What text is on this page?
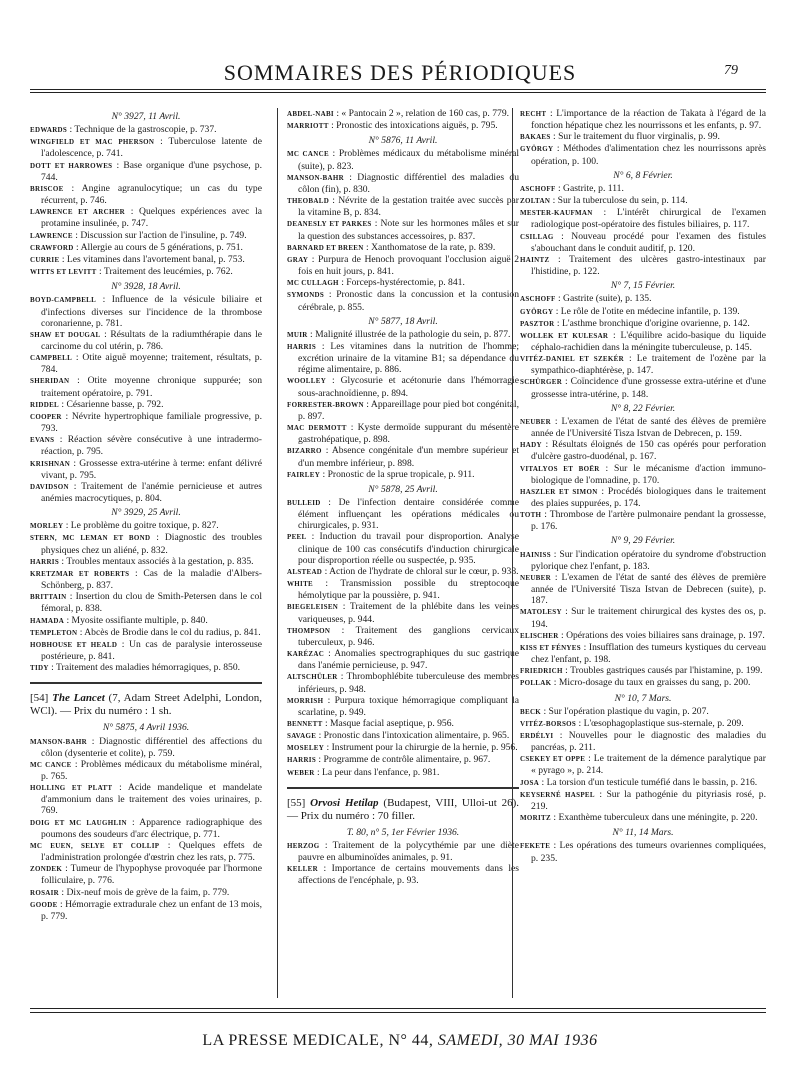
SOMMAIRES DES PÉRIODIQUES	79
N° 3927, 11 Avril.

EDWARDS : Technique de la gastroscopie, p. 737.

WINGFIELD ET MAC PHERSON : Tuberculose latente de l'adolescence, p. 741.

DOTT ET HARROWES : Base organique d'une psychose, p. 744.

BRISCOE : Angine agranulocytique; un cas du type récurrent, p. 746.

LAWRENCE ET ARCHER : Quelques expériences avec la protamine insulinée, p. 747.

LAWRENCE : Discussion sur l'action de l'insuline, p. 749.

CRAWFORD : Allergie au cours de 5 générations, p. 751.

CURRIE : Les vitamines dans l'avortement banal, p. 753.

WITTS ET LEVITT : Traitement des leucémies, p. 762.

N° 3928, 18 Avril.

BOYD-CAMPBELL : Influence de la vésicule biliaire et d'infections diverses sur l'incidence de la thrombose coronarienne, p. 781.

SHAW ET DOUGAL : Résultats de la radiumthérapie dans le carcinome du col utérin, p. 786.

CAMPBELL : Otite aiguë moyenne; traitement, résultats, p. 784.

SHERIDAN : Otite moyenne chronique suppurée; son traitement opératoire, p. 791.

RIDDEL : Césarienne basse, p. 792.

COOPER : Névrite hypertrophique familiale progressive, p. 793.

EVANS : Réaction sévère consécutive à une intradermo-réaction, p. 795.

KRISHNAN : Grossesse extra-utérine à terme: enfant délivré vivant, p. 795.

DAVIDSON : Traitement de l'anémie pernicieuse et autres anémies macrocytiques, p. 804.

N° 3929, 25 Avril.

MORLEY : Le problème du goitre toxique, p. 827.

STERN, MC LEMAN ET BOND : Diagnostic des troubles physiques chez un aliéné, p. 832.

HARRIS : Troubles mentaux associés à la gestation, p. 835.

KRETZMAR ET ROBERTS : Cas de la maladie d'Albers-Schönberg, p. 837.

BRITTAIN : Insertion du clou de Smith-Petersen dans le col fémoral, p. 838.

HAMADA : Myosite ossifiante multiple, p. 840.

TEMPLETON : Abcès de Brodie dans le col du radius, p. 841.

HOBHOUSE ET HEALD : Un cas de paralysie interosseuse postérieure, p. 841.

TIDY : Traitement des maladies hémorragiques, p. 850.

[54] The Lancet (7, Adam Street Adelphi, London, WCl). — Prix du numéro : 1 sh.

N° 5875, 4 Avril 1936.

MANSON-BAHR : Diagnostic différentiel des affections du côlon (dysenterie et colite), p. 759.

MC CANCE : Problèmes médicaux du métabolisme minéral, p. 765.

HOLLING ET PLATT : Acide mandelique et mandelate d'ammonium dans le traitement des voies urinaires, p. 769.

DOIG ET MC LAUGHLIN : Apparence radiographique des poumons des soudeurs d'arc électrique, p. 771.

MC EUEN, SELYE ET COLLIP : Quelques effets de l'administration prolongée d'œstrin chez les rats, p. 775.

ZONDEK : Tumeur de l'hypophyse provoquée par l'hormone folliculaire, p. 776.

ROSAIR : Dix-neuf mois de grève de la faim, p. 779.

GOODE : Hémorragie extradurale chez un enfant de 13 mois, p. 779.

ABDEL-NABI : « Pantocain 2 », relation de 160 cas, p. 779.

MARRIOTT : Pronostic des intoxications aiguës, p. 795.

N° 5876, 11 Avril.

MC CANCE : Problèmes médicaux du métabolisme minéral (suite), p. 823.

MANSON-BAHR : Diagnostic différentiel des maladies du côlon (fin), p. 830.

THEOBALD : Névrite de la gestation traitée avec succès par la vitamine B, p. 834.

DEANESLY ET PARKES : Note sur les hormones mâles et sur la question des substances accessoires, p. 837.

BARNARD ET BREEN : Xanthomatose de la rate, p. 839.

GRAY : Purpura de Henoch provoquant l'occlusion aiguë 2 fois en huit jours, p. 841.

MC CULLAGH : Forceps-hystérectomie, p. 841.

SYMONDS : Pronostic dans la concussion et la contusion cérébrale, p. 855.

N° 5877, 18 Avril.

MUIR : Malignité illustrée de la pathologie du sein, p. 877.

HARRIS : Les vitamines dans la nutrition de l'homme; excrétion urinaire de la vitamine B1; sa dépendance du régime alimentaire, p. 886.

WOOLLEY : Glycosurie et acétonurie dans l'hémorragie sous-arachnoïdienne, p. 894.

FORRESTER-BROWN : Appareillage pour pied bot congénital, p. 897.

MAC DERMOTT : Kyste dermoïde suppurant du mésentère gastrohépatique, p. 898.

BIZARRO : Absence congénitale d'un membre supérieur et d'un membre inférieur, p. 898.

FAIRLEY : Pronostic de la sprue tropicale, p. 911.

N° 5878, 25 Avril.

BULLEID : De l'infection dentaire considérée comme élément influençant les opérations médicales ou chirurgicales, p. 931.

PEEL : Induction du travail pour disproportion. Analyse clinique de 100 cas consécutifs d'induction chirurgicale pour disproportion réelle ou suspectée, p. 935.

ALSTEAD : Action de l'hydrate de chloral sur le cœur, p. 938.

WHITE : Transmission possible du streptocoque hémolytique par la poussière, p. 941.

BIEGELEISEN : Traitement de la phlébite dans les veines variqueuses, p. 944.

THOMPSON : Traitement des ganglions cervicaux tuberculeux, p. 946.

KARÉZAC : Anomalies spectrographiques du suc gastrique dans l'anémie pernicieuse, p. 947.

ALTSCHÜLER : Thrombophlébite tuberculeuse des membres inférieurs, p. 948.

MORRISH : Purpura toxique hémorragique compliquant la scarlatine, p. 949.

BENNETT : Masque facial aseptique, p. 956.

SAVAGE : Pronostic dans l'intoxication alimentaire, p. 965.

MOSELEY : Instrument pour la chirurgie de la hernie, p. 956.

HARRIS : Programme de contrôle alimentaire, p. 967.

WEBER : La peur dans l'enfance, p. 981.

[55] Orvosi Hetilap (Budapest, VIII, Ullοi-ut 26). — Prix du numéro : 70 filler.

T. 80, n° 5, 1er Février 1936.

HERZOG : Traitement de la polycythémie par une diète pauvre en albuminoïdes animales, p. 91.

KELLER : Importance de certains mouvements dans les affections de l'encéphale, p. 93.

RECHT : L'importance de la réaction de Takata à l'égard de la fonction hépatique chez les nourrissons et les enfants, p. 97.

BAKAES : Sur le traitement du fluor virginalis, p. 99.

GYÖRGY : Méthodes d'alimentation chez les nourrissons après opération, p. 100.

N° 6, 8 Février.

ASCHOFF : Gastrite, p. 111.

ZOLTAN : Sur la tuberculose du sein, p. 114.

MESTER-KAUFMAN : L'intérêt chirurgical de l'examen radiologique post-opératoire des fistules biliaires, p. 117.

CSILLAG : Nouveau procédé pour l'examen des fistules s'abouchant dans le conduit auditif, p. 120.

HAINTZ : Traitement des ulcères gastro-intestinaux par l'histidine, p. 122.

N° 7, 15 Février.

ASCHOFF : Gastrite (suite), p. 135.

GYÖRGY : Le rôle de l'otite en médecine infantile, p. 139.

PASZTOR : L'asthme bronchique d'origine ovarienne, p. 142.

WOLLEK ET KULESAR : L'équilibre acido-basique du liquide céphalo-rachidien dans la méningite tuberculeuse, p. 145.

VITÉZ-DANIEL ET SZEKÉR : Le traitement de l'ozène par la sympathico-diaphtérèse, p. 147.

SCHÜRGER : Coïncidence d'une grossesse extra-utérine et d'une grossesse intra-utérine, p. 148.

N° 8, 22 Février.

NEUBER : L'examen de l'état de santé des élèves de première année de l'Université Tisza Istvan de Debrecen, p. 159.

HADY : Résultats éloignés de 150 cas opérés pour perforation d'ulcère gastro-duodénal, p. 167.

VITALYOS ET BOËR : Sur le mécanisme d'action immuno-biologique de l'omnadine, p. 170.

HASZLER ET SIMON : Procédés biologiques dans le traitement des plaies suppurées, p. 174.

TOTH : Thrombose de l'artère pulmonaire pendant la grossesse, p. 176.

N° 9, 29 Février.

HAINISS : Sur l'indication opératoire du syndrome d'obstruction pylorique chez l'enfant, p. 183.

NEUBER : L'examen de l'état de santé des élèves de première année de l'Université Tisza Istvan de Debrecen (suite), p. 187.

MATOLESY : Sur le traitement chirurgical des kystes des os, p. 194.

ELISCHER : Opérations des voies biliaires sans drainage, p. 197.

KISS ET FÉNYES : Insufflation des tumeurs kystiques du cerveau chez l'enfant, p. 198.

FRIEDRICH : Troubles gastriques causés par l'histamine, p. 199.

POLLAK : Micro-dosage du taux en graisses du sang, p. 200.

N° 10, 7 Mars.

BECK : Sur l'opération plastique du vagin, p. 207.

VITÉZ-BORSOS : L'œsophagoplastique sus-sternale, p. 209.

ERDÉLYI : Nouvelles pour le diagnostic des maladies du pancréas, p. 211.

CSEKEY ET OPPE : Le traitement de la démence paralytique par « pyrago », p. 214.

JOSA : La torsion d'un testicule tuméfié dans le bassin, p. 216.

KEYSERNÉ HASPEL : Sur la pathogénie du pityriasis rosé, p. 219.

MORITZ : Exanthème tuberculeux dans une méningite, p. 220.

N° 11, 14 Mars.

FEKETE : Les opérations des tumeurs ovariennes compliquées, p. 235.

LA PRESSE MEDICALE, N° 44, SAMEDI, 30 MAI 1936
